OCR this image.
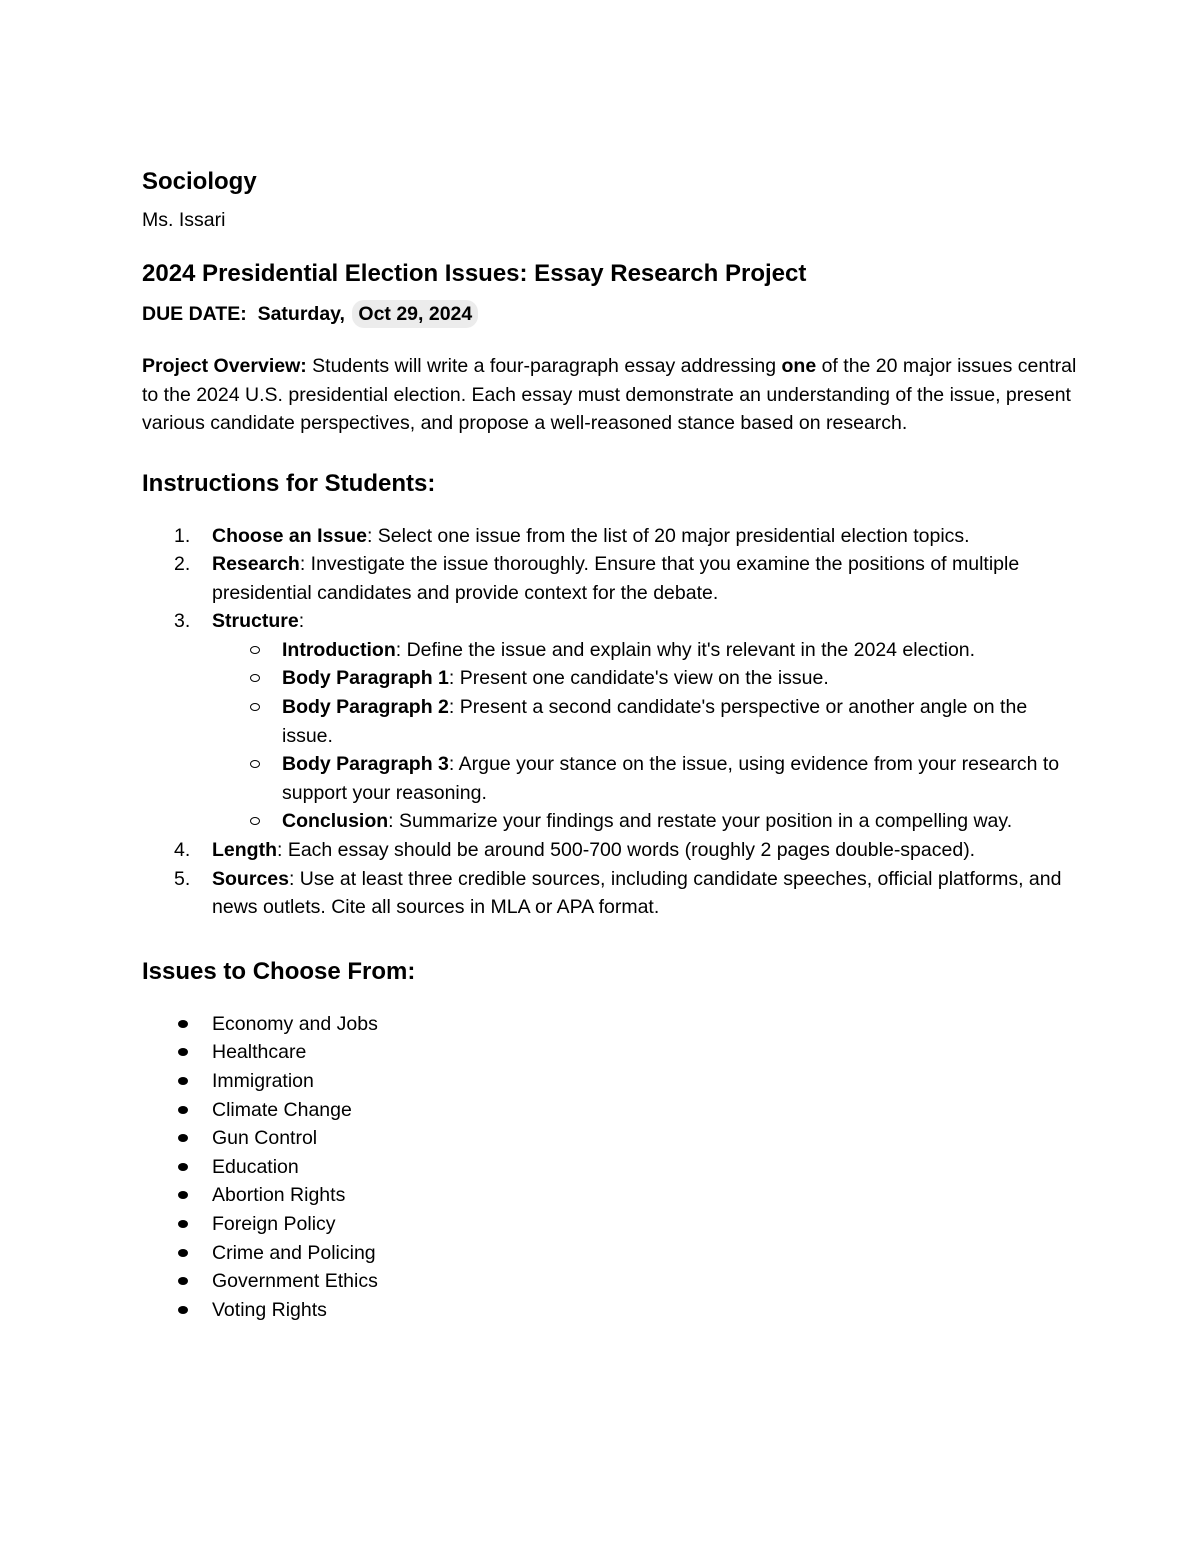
Sociology

Ms. Issari

2024 Presidential Election Issues: Essay Research Project

DUE DATE: Saturday, Oct 29, 2024

Project Overview: Students will write a four-paragraph essay addressing one of the 20 major issues central to the 2024 U.S. presidential election. Each essay must demonstrate an understanding of the issue, present various candidate perspectives, and propose a well-reasoned stance based on research.

Instructions for Students:
1. Choose an Issue: Select one issue from the list of 20 major presidential election topics.
2. Research: Investigate the issue thoroughly. Ensure that you examine the positions of multiple presidential candidates and provide context for the debate.
3. Structure:
Introduction: Define the issue and explain why it's relevant in the 2024 election.
Body Paragraph 1: Present one candidate's view on the issue.
Body Paragraph 2: Present a second candidate's perspective or another angle on the issue.
Body Paragraph 3: Argue your stance on the issue, using evidence from your research to support your reasoning.
Conclusion: Summarize your findings and restate your position in a compelling way.
4. Length: Each essay should be around 500-700 words (roughly 2 pages double-spaced).
5. Sources: Use at least three credible sources, including candidate speeches, official platforms, and news outlets. Cite all sources in MLA or APA format.
Issues to Choose From:
Economy and Jobs
Healthcare
Immigration
Climate Change
Gun Control
Education
Abortion Rights
Foreign Policy
Crime and Policing
Government Ethics
Voting Rights
